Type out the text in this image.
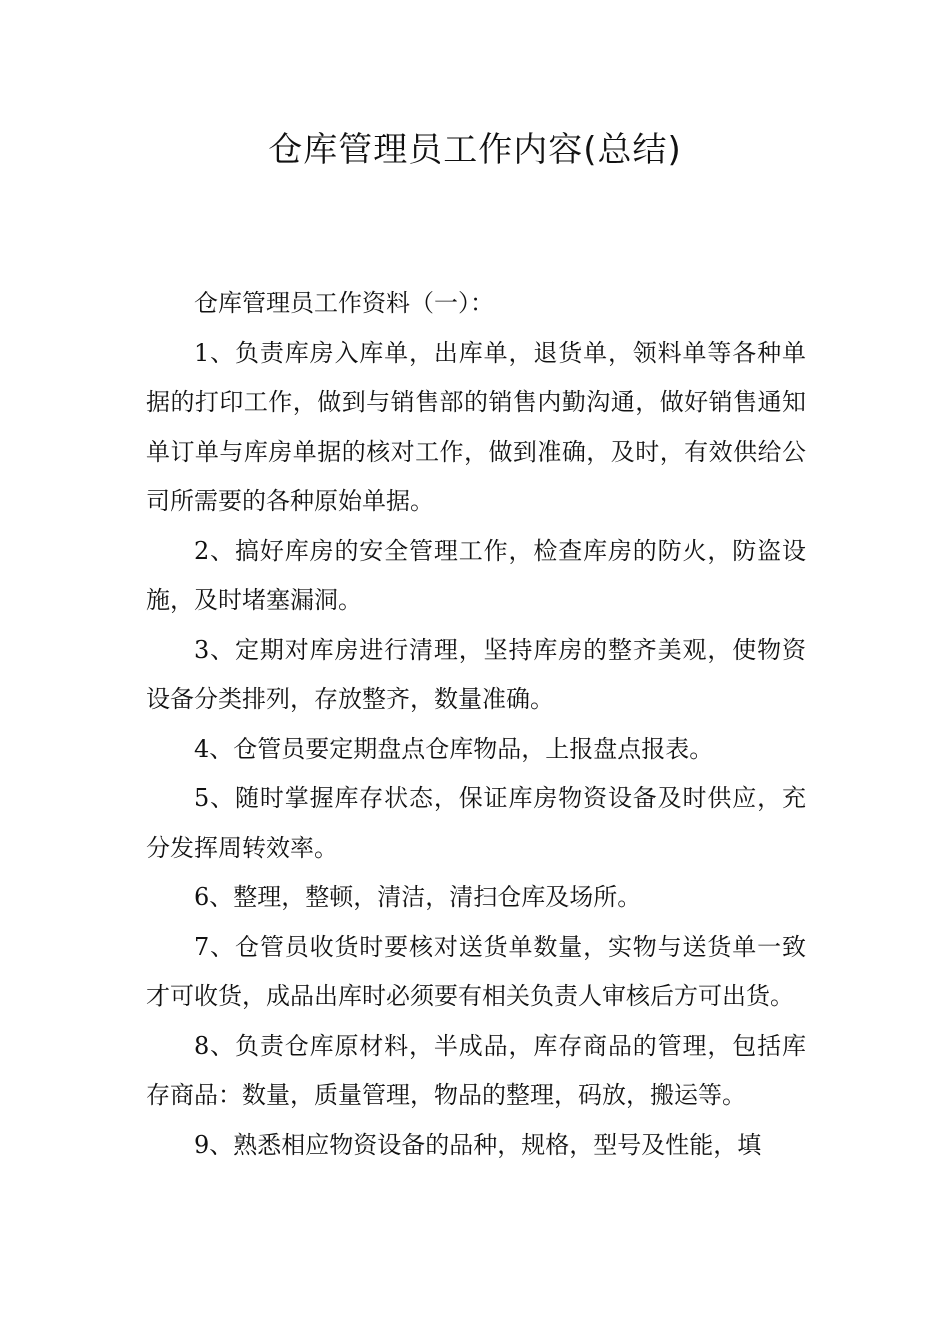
仓库管理员工作内容(总结)

仓库管理员工作资料（一）：

1、负责库房入库单，出库单，退货单，领料单等各种单据的打印工作，做到与销售部的销售内勤沟通，做好销售通知单订单与库房单据的核对工作，做到准确，及时，有效供给公司所需要的各种原始单据。

2、搞好库房的安全管理工作，检查库房的防火，防盗设施，及时堵塞漏洞。

3、定期对库房进行清理，坚持库房的整齐美观，使物资设备分类排列，存放整齐，数量准确。

4、仓管员要定期盘点仓库物品，上报盘点报表。

5、随时掌握库存状态，保证库房物资设备及时供应，充分发挥周转效率。

6、整理，整顿，清洁，清扫仓库及场所。

7、仓管员收货时要核对送货单数量，实物与送货单一致才可收货，成品出库时必须要有相关负责人审核后方可出货。

8、负责仓库原材料，半成品，库存商品的管理，包括库存商品：数量，质量管理，物品的整理，码放，搬运等。

9、熟悉相应物资设备的品种，规格，型号及性能，填
